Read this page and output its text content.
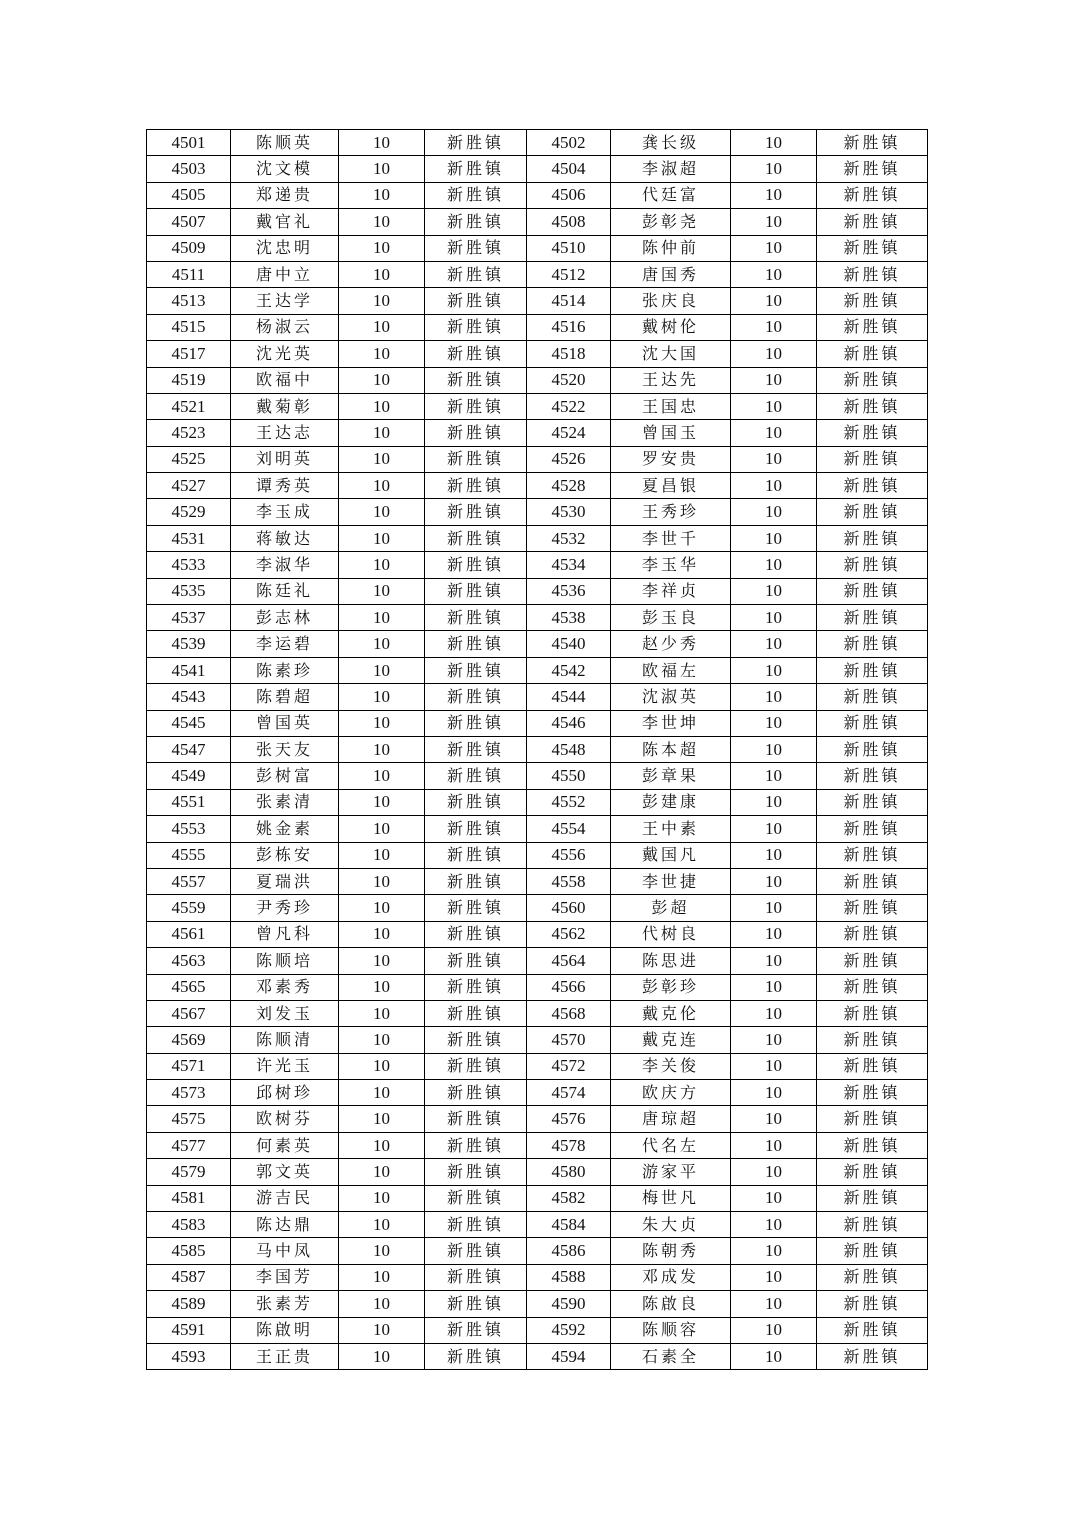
4501	陈顺英	10	新胜镇	4502	龚长级	10	新胜镇
4503	沈文模	10	新胜镇	4504	李淑超	10	新胜镇
4505	郑递贵	10	新胜镇	4506	代廷富	10	新胜镇
4507	戴官礼	10	新胜镇	4508	彭彰尧	10	新胜镇
4509	沈忠明	10	新胜镇	4510	陈仲前	10	新胜镇
4511	唐中立	10	新胜镇	4512	唐国秀	10	新胜镇
4513	王达学	10	新胜镇	4514	张庆良	10	新胜镇
4515	杨淑云	10	新胜镇	4516	戴树伦	10	新胜镇
4517	沈光英	10	新胜镇	4518	沈大国	10	新胜镇
4519	欧福中	10	新胜镇	4520	王达先	10	新胜镇
4521	戴菊彰	10	新胜镇	4522	王国忠	10	新胜镇
4523	王达志	10	新胜镇	4524	曾国玉	10	新胜镇
4525	刘明英	10	新胜镇	4526	罗安贵	10	新胜镇
4527	谭秀英	10	新胜镇	4528	夏昌银	10	新胜镇
4529	李玉成	10	新胜镇	4530	王秀珍	10	新胜镇
4531	蒋敏达	10	新胜镇	4532	李世千	10	新胜镇
4533	李淑华	10	新胜镇	4534	李玉华	10	新胜镇
4535	陈廷礼	10	新胜镇	4536	李祥贞	10	新胜镇
4537	彭志林	10	新胜镇	4538	彭玉良	10	新胜镇
4539	李运碧	10	新胜镇	4540	赵少秀	10	新胜镇
4541	陈素珍	10	新胜镇	4542	欧福左	10	新胜镇
4543	陈碧超	10	新胜镇	4544	沈淑英	10	新胜镇
4545	曾国英	10	新胜镇	4546	李世坤	10	新胜镇
4547	张天友	10	新胜镇	4548	陈本超	10	新胜镇
4549	彭树富	10	新胜镇	4550	彭章果	10	新胜镇
4551	张素清	10	新胜镇	4552	彭建康	10	新胜镇
4553	姚金素	10	新胜镇	4554	王中素	10	新胜镇
4555	彭栋安	10	新胜镇	4556	戴国凡	10	新胜镇
4557	夏瑞洪	10	新胜镇	4558	李世捷	10	新胜镇
4559	尹秀珍	10	新胜镇	4560	彭超	10	新胜镇
4561	曾凡科	10	新胜镇	4562	代树良	10	新胜镇
4563	陈顺培	10	新胜镇	4564	陈思进	10	新胜镇
4565	邓素秀	10	新胜镇	4566	彭彰珍	10	新胜镇
4567	刘发玉	10	新胜镇	4568	戴克伦	10	新胜镇
4569	陈顺清	10	新胜镇	4570	戴克连	10	新胜镇
4571	许光玉	10	新胜镇	4572	李关俊	10	新胜镇
4573	邱树珍	10	新胜镇	4574	欧庆方	10	新胜镇
4575	欧树芬	10	新胜镇	4576	唐琼超	10	新胜镇
4577	何素英	10	新胜镇	4578	代名左	10	新胜镇
4579	郭文英	10	新胜镇	4580	游家平	10	新胜镇
4581	游吉民	10	新胜镇	4582	梅世凡	10	新胜镇
4583	陈达鼎	10	新胜镇	4584	朱大贞	10	新胜镇
4585	马中凤	10	新胜镇	4586	陈朝秀	10	新胜镇
4587	李国芳	10	新胜镇	4588	邓成发	10	新胜镇
4589	张素芳	10	新胜镇	4590	陈啟良	10	新胜镇
4591	陈啟明	10	新胜镇	4592	陈顺容	10	新胜镇
4593	王正贵	10	新胜镇	4594	石素全	10	新胜镇
